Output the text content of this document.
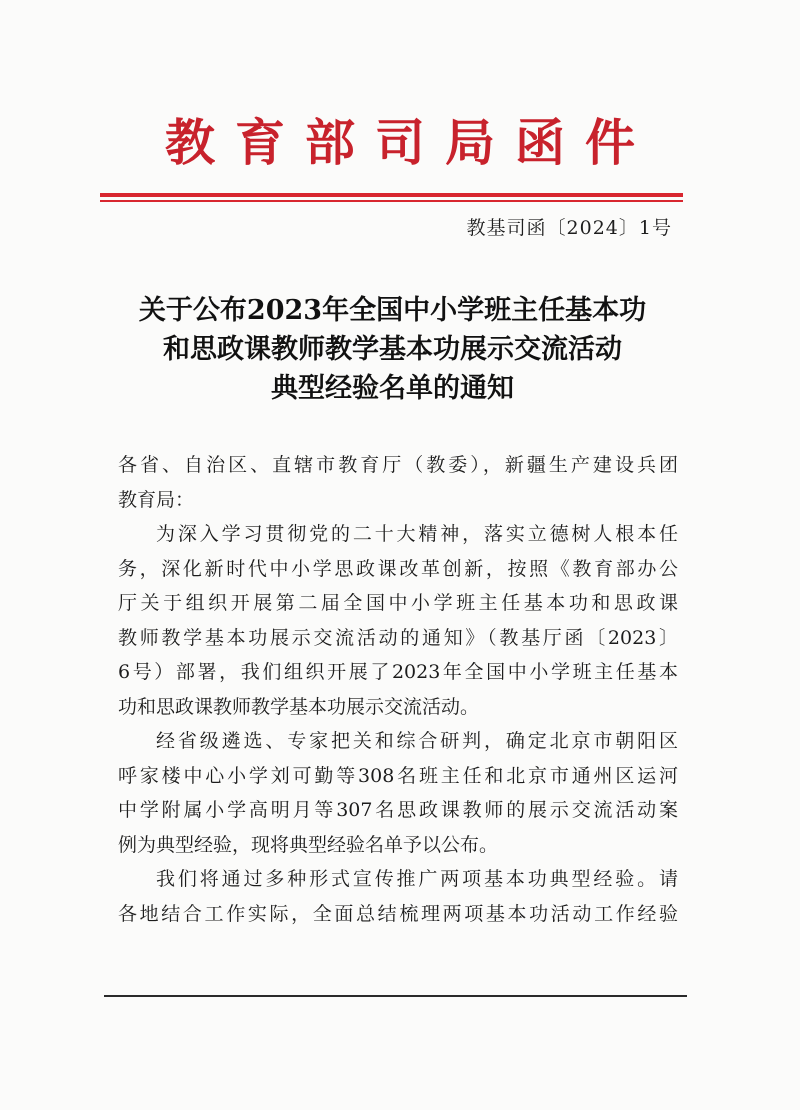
教育部司局函件
教基司函〔2024〕1号
关于公布2023年全国中小学班主任基本功
和思政课教师教学基本功展示交流活动
典型经验名单的通知
各省、自治区、直辖市教育厅（教委），新疆生产建设兵团
教育局：
为深入学习贯彻党的二十大精神，落实立德树人根本任
务，深化新时代中小学思政课改革创新，按照《教育部办公
厅关于组织开展第二届全国中小学班主任基本功和思政课
教师教学基本功展示交流活动的通知》（教基厅函〔2023〕
6号）部署，我们组织开展了2023年全国中小学班主任基本
功和思政课教师教学基本功展示交流活动。
经省级遴选、专家把关和综合研判，确定北京市朝阳区
呼家楼中心小学刘可勤等308名班主任和北京市通州区运河
中学附属小学高明月等307名思政课教师的展示交流活动案
例为典型经验，现将典型经验名单予以公布。
我们将通过多种形式宣传推广两项基本功典型经验。请
各地结合工作实际，全面总结梳理两项基本功活动工作经验
